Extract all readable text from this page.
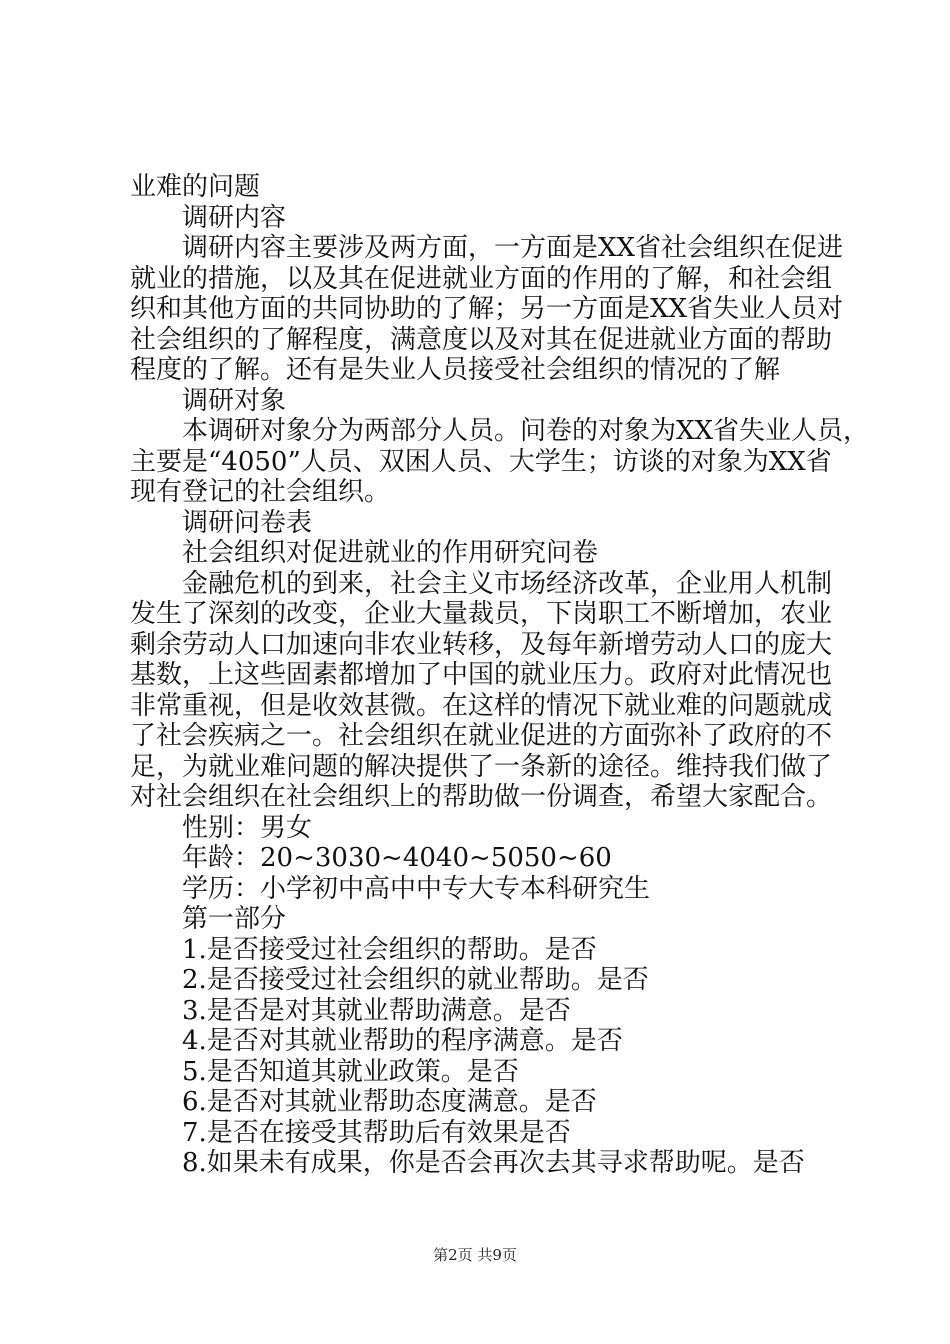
业难的问题
调研内容
调研内容主要涉及两方面，一方面是XX省社会组织在促进
就业的措施，以及其在促进就业方面的作用的了解，和社会组
织和其他方面的共同协助的了解；另一方面是XX省失业人员对
社会组织的了解程度，满意度以及对其在促进就业方面的帮助
程度的了解。还有是失业人员接受社会组织的情况的了解
调研对象
本调研对象分为两部分人员。问卷的对象为XX省失业人员，
主要是“4050”人员、双困人员、大学生；访谈的对象为XX省
现有登记的社会组织。
调研问卷表
社会组织对促进就业的作用研究问卷
金融危机的到来，社会主义市场经济改革，企业用人机制
发生了深刻的改变，企业大量裁员，下岗职工不断增加，农业
剩余劳动人口加速向非农业转移，及每年新增劳动人口的庞大
基数，上这些固素都增加了中国的就业压力。政府对此情况也
非常重视，但是收效甚微。在这样的情况下就业难的问题就成
了社会疾病之一。社会组织在就业促进的方面弥补了政府的不
足，为就业难问题的解决提供了一条新的途径。维持我们做了
对社会组织在社会组织上的帮助做一份调查，希望大家配合。
性别：男女
年龄：20~3030~4040~5050~60
学历：小学初中高中中专大专本科研究生
第一部分
1.是否接受过社会组织的帮助。是否
2.是否接受过社会组织的就业帮助。是否
3.是否是对其就业帮助满意。是否
4.是否对其就业帮助的程序满意。是否
5.是否知道其就业政策。是否
6.是否对其就业帮助态度满意。是否
7.是否在接受其帮助后有效果是否
8.如果未有成果，你是否会再次去其寻求帮助呢。是否
第2页 共9页
